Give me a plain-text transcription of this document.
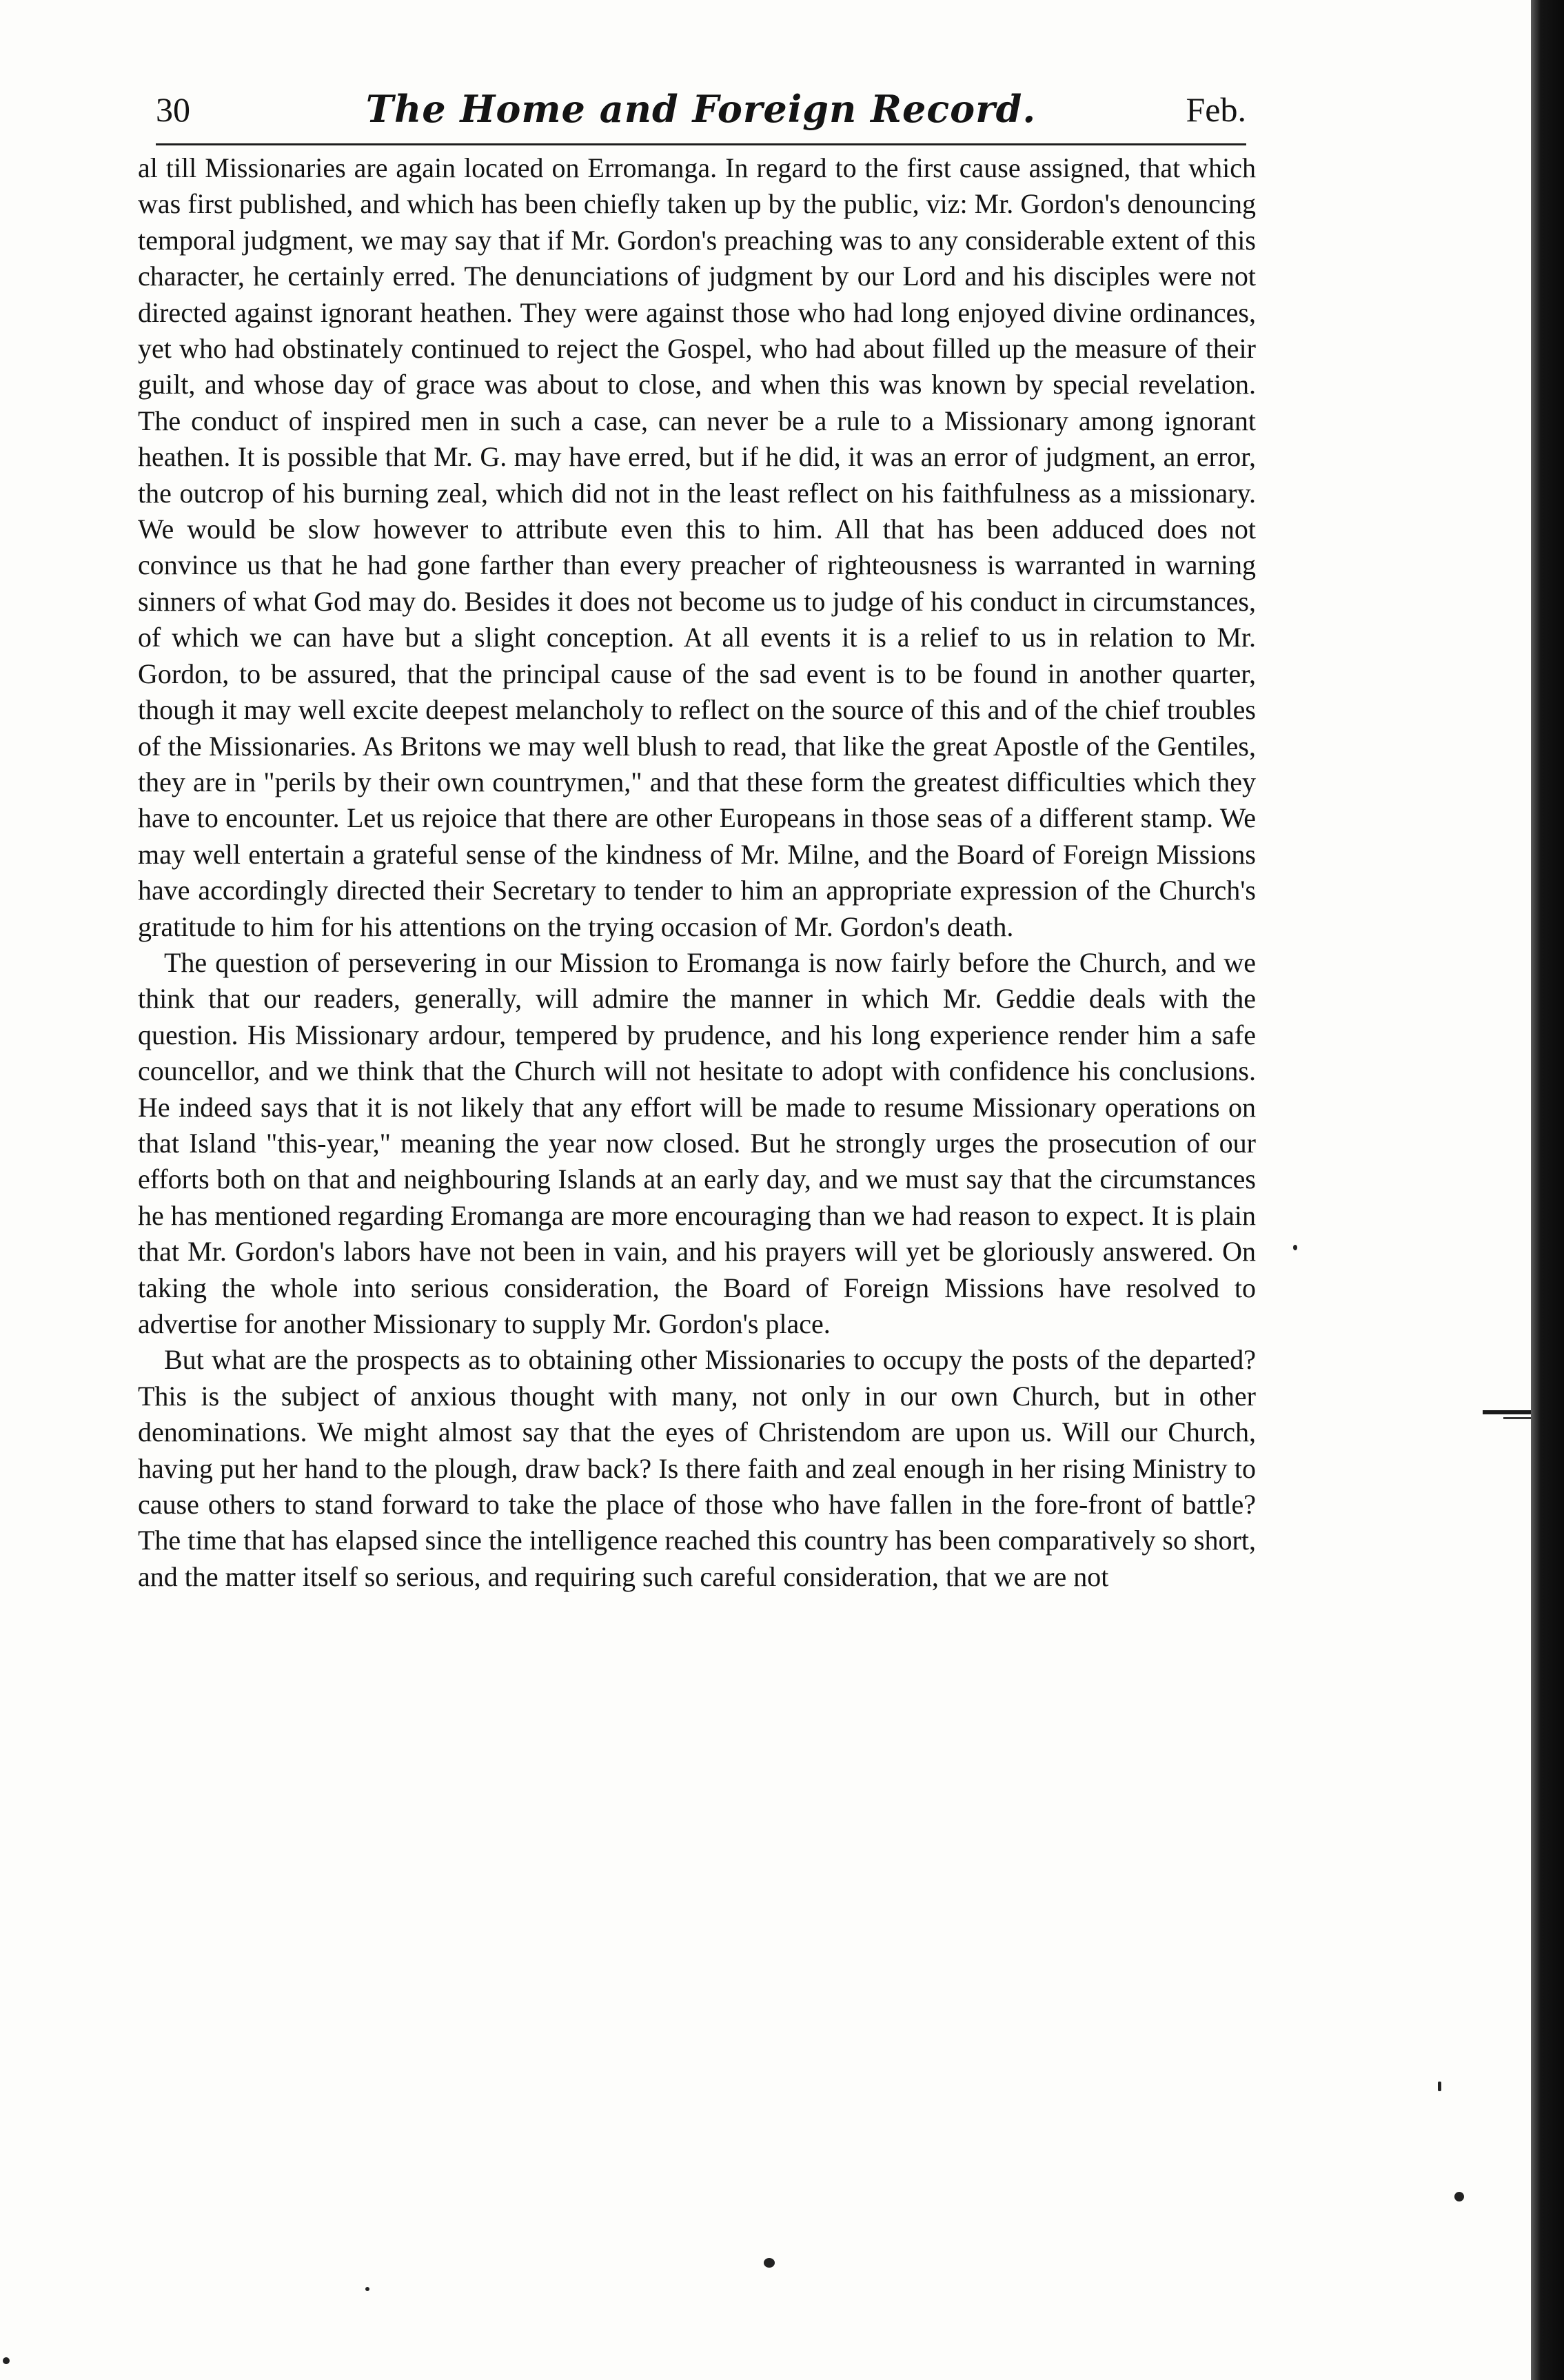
30	The Home and Foreign Record.	Feb.

al till Missionaries are again located on Erromanga. In regard to the first cause assigned, that which was first published, and which has been chiefly taken up by the public, viz: Mr. Gordon's denouncing temporal judgment, we may say that if Mr. Gordon's preaching was to any considerable extent of this character, he certainly erred. The denunciations of judgment by our Lord and his disciples were not directed against ignorant heathen. They were against those who had long enjoyed divine ordinances, yet who had obstinately continued to reject the Gospel, who had about filled up the measure of their guilt, and whose day of grace was about to close, and when this was known by special revelation. The conduct of inspired men in such a case, can never be a rule to a Missionary among ignorant heathen. It is possible that Mr. G. may have erred, but if he did, it was an error of judgment, an error, the outcrop of his burning zeal, which did not in the least reflect on his faithfulness as a missionary. We would be slow however to attribute even this to him. All that has been adduced does not convince us that he had gone farther than every preacher of righteousness is warranted in warning sinners of what God may do. Besides it does not become us to judge of his conduct in circumstances, of which we can have but a slight conception. At all events it is a relief to us in relation to Mr. Gordon, to be assured, that the principal cause of the sad event is to be found in another quarter, though it may well excite deepest melancholy to reflect on the source of this and of the chief troubles of the Missionaries. As Britons we may well blush to read, that like the great Apostle of the Gentiles, they are in "perils by their own countrymen," and that these form the greatest difficulties which they have to encounter. Let us rejoice that there are other Europeans in those seas of a different stamp. We may well entertain a grateful sense of the kindness of Mr. Milne, and the Board of Foreign Missions have accordingly directed their Secretary to tender to him an appropriate expression of the Church's gratitude to him for his attentions on the trying occasion of Mr. Gordon's death.

The question of persevering in our Mission to Eromanga is now fairly before the Church, and we think that our readers, generally, will admire the manner in which Mr. Geddie deals with the question. His Missionary ardour, tempered by prudence, and his long experience render him a safe councellor, and we think that the Church will not hesitate to adopt with confidence his conclusions. He indeed says that it is not likely that any effort will be made to resume Missionary operations on that Island "this-year," meaning the year now closed. But he strongly urges the prosecution of our efforts both on that and neighbouring Islands at an early day, and we must say that the circumstances he has mentioned regarding Eromanga are more encouraging than we had reason to expect. It is plain that Mr. Gordon's labors have not been in vain, and his prayers will yet be gloriously answered. On taking the whole into serious consideration, the Board of Foreign Missions have resolved to advertise for another Missionary to supply Mr. Gordon's place.

But what are the prospects as to obtaining other Missionaries to occupy the posts of the departed? This is the subject of anxious thought with many, not only in our own Church, but in other denominations. We might almost say that the eyes of Christendom are upon us. Will our Church, having put her hand to the plough, draw back? Is there faith and zeal enough in her rising Ministry to cause others to stand forward to take the place of those who have fallen in the fore-front of battle? The time that has elapsed since the intelligence reached this country has been comparatively so short, and the matter itself so serious, and requiring such careful consideration, that we are not
